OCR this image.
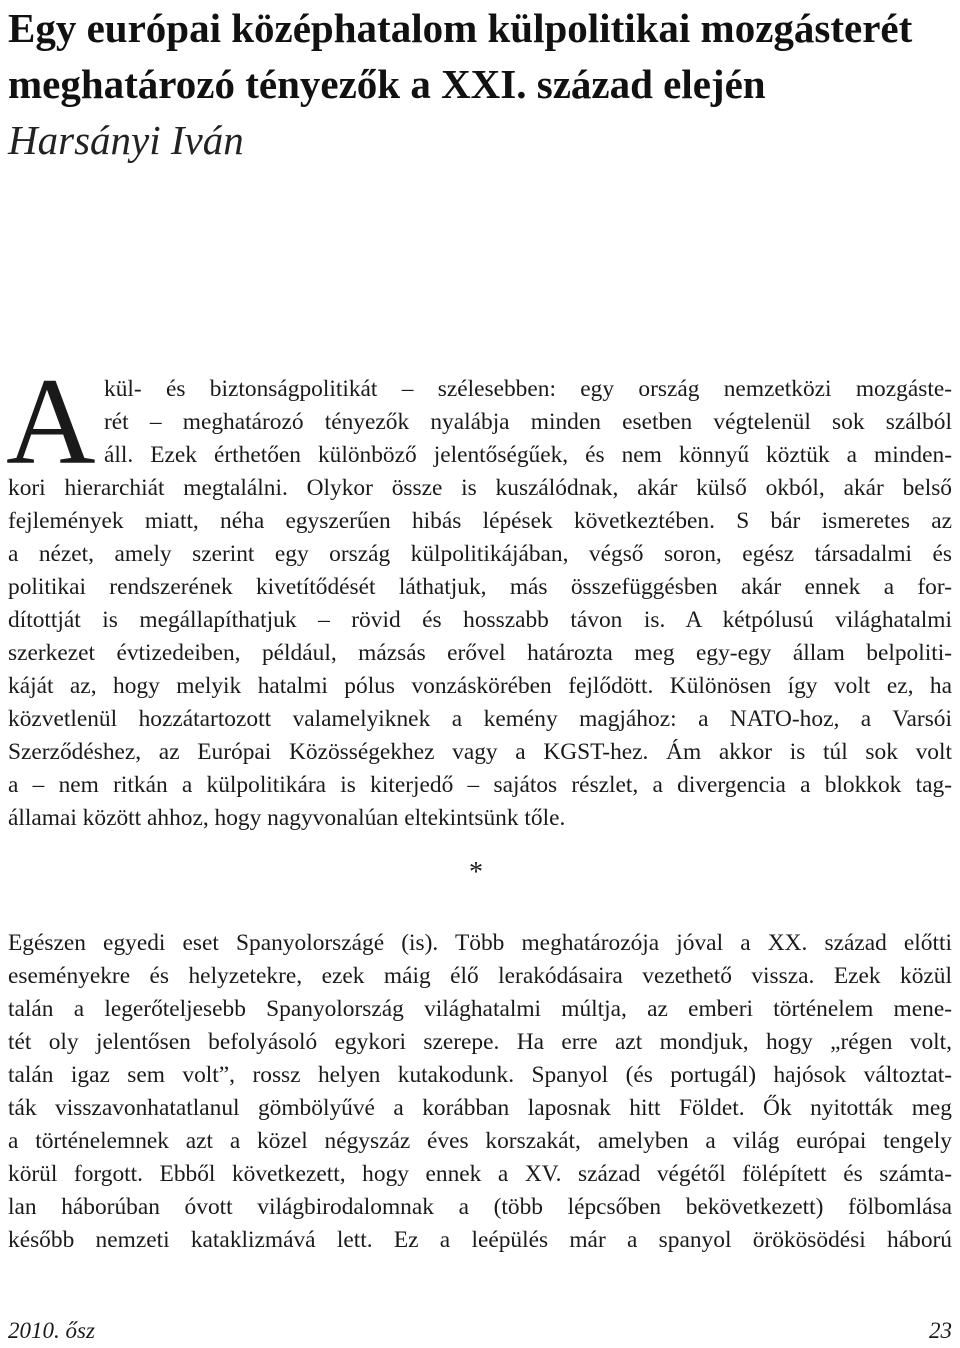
Egy európai középhatalom külpolitikai mozgásterét
meghatározó tényezők a XXI. század elején
Harsányi Iván
A kül- és biztonságpolitikát – szélesebben: egy ország nemzetközi mozgáste-
rét – meghatározó tényezők nyalábja minden esetben végtelenül sok szálból
áll. Ezek érthetően különböző jelentőségűek, és nem könnyű köztük a minden-
kori hierarchiát megtalálni. Olykor össze is kuszálódnak, akár külső okból, akár belső
fejlemények miatt, néha egyszerűen hibás lépések következtében. S bár ismeretes az
a nézet, amely szerint egy ország külpolitikájában, végső soron, egész társadalmi és
politikai rendszerének kivetítődését láthatjuk, más összefüggésben akár ennek a for-
dítottját is megállapíthatjuk – rövid és hosszabb távon is. A kétpólusú világhatalmi
szerkezet évtizedeiben, például, mázsás erővel határozta meg egy-egy állam belpoliti-
káját az, hogy melyik hatalmi pólus vonzáskörében fejlődött. Különösen így volt ez, ha
közvetlenül hozzátartozott valamelyiknek a kemény magjához: a NATO-hoz, a Varsói
Szerződéshez, az Európai Közösségekhez vagy a KGST-hez. Ám akkor is túl sok volt
a – nem ritkán a külpolitikára is kiterjedő – sajátos részlet, a divergencia a blokkok tag-
államai között ahhoz, hogy nagyvonalúan eltekintsünk tőle.
*
Egészen egyedi eset Spanyolországé (is). Több meghatározója jóval a XX. század előtti
eseményekre és helyzetekre, ezek máig élő lerakódásaira vezethető vissza. Ezek közül
talán a legerőteljesebb Spanyolország világhatalmi múltja, az emberi történelem mene-
tét oly jelentősen befolyásoló egykori szerepe. Ha erre azt mondjuk, hogy „régen volt,
talán igaz sem volt”, rossz helyen kutakodunk. Spanyol (és portugál) hajósok változtat-
ták visszavonhatatlanul gömbölyűvé a korábban laposnak hitt Földet. Ők nyitották meg
a történelemnek azt a közel négyszáz éves korszakát, amelyben a világ európai tengely
körül forgott. Ebből következett, hogy ennek a XV. század végétől fölépített és számta-
lan háborúban óvott világbirodalomnak a (több lépcsőben bekövetkezett) fölbomlása
később nemzeti kataklizmává lett. Ez a leépülés már a spanyol örökösödési háború
2010. ősz	23
